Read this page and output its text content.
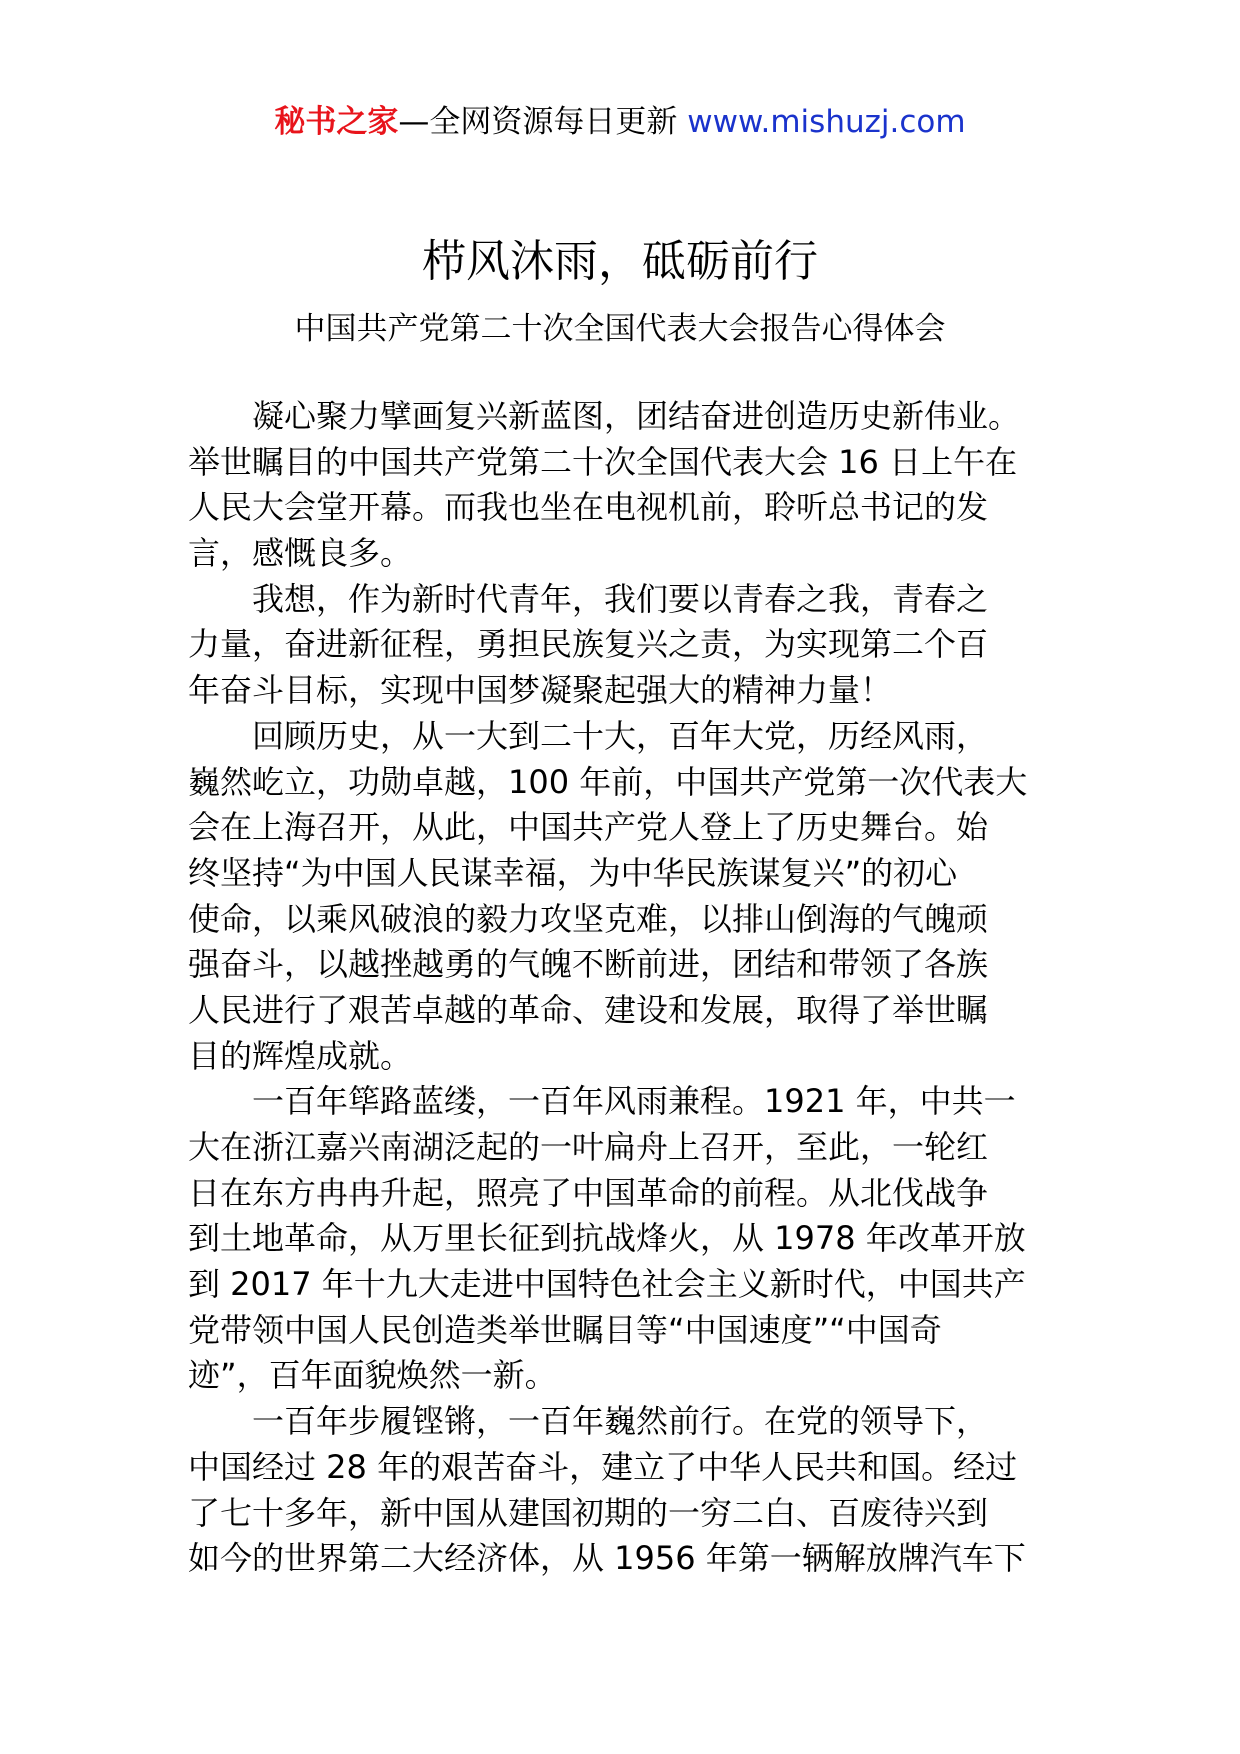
秘书之家—全网资源每日更新 www.mishuzj.com
栉风沐雨，砥砺前行
中国共产党第二十次全国代表大会报告心得体会
凝心聚力擘画复兴新蓝图，团结奋进创造历史新伟业。
举世瞩目的中国共产党第二十次全国代表大会 16 日上午在
人民大会堂开幕。而我也坐在电视机前，聆听总书记的发
言，感慨良多。
我想，作为新时代青年，我们要以青春之我，青春之
力量，奋进新征程，勇担民族复兴之责，为实现第二个百
年奋斗目标，实现中国梦凝聚起强大的精神力量！
回顾历史，从一大到二十大，百年大党，历经风雨，
巍然屹立，功勋卓越，100 年前，中国共产党第一次代表大
会在上海召开，从此，中国共产党人登上了历史舞台。始
终坚持“为中国人民谋幸福，为中华民族谋复兴”的初心
使命，以乘风破浪的毅力攻坚克难，以排山倒海的气魄顽
强奋斗，以越挫越勇的气魄不断前进，团结和带领了各族
人民进行了艰苦卓越的革命、建设和发展，取得了举世瞩
目的辉煌成就。
一百年筚路蓝缕，一百年风雨兼程。1921 年，中共一
大在浙江嘉兴南湖泛起的一叶扁舟上召开，至此，一轮红
日在东方冉冉升起，照亮了中国革命的前程。从北伐战争
到土地革命，从万里长征到抗战烽火，从 1978 年改革开放
到 2017 年十九大走进中国特色社会主义新时代，中国共产
党带领中国人民创造类举世瞩目等“中国速度”“中国奇
迹”，百年面貌焕然一新。
一百年步履铿锵，一百年巍然前行。在党的领导下，
中国经过 28 年的艰苦奋斗，建立了中华人民共和国。经过
了七十多年，新中国从建国初期的一穷二白、百废待兴到
如今的世界第二大经济体，从 1956 年第一辆解放牌汽车下
